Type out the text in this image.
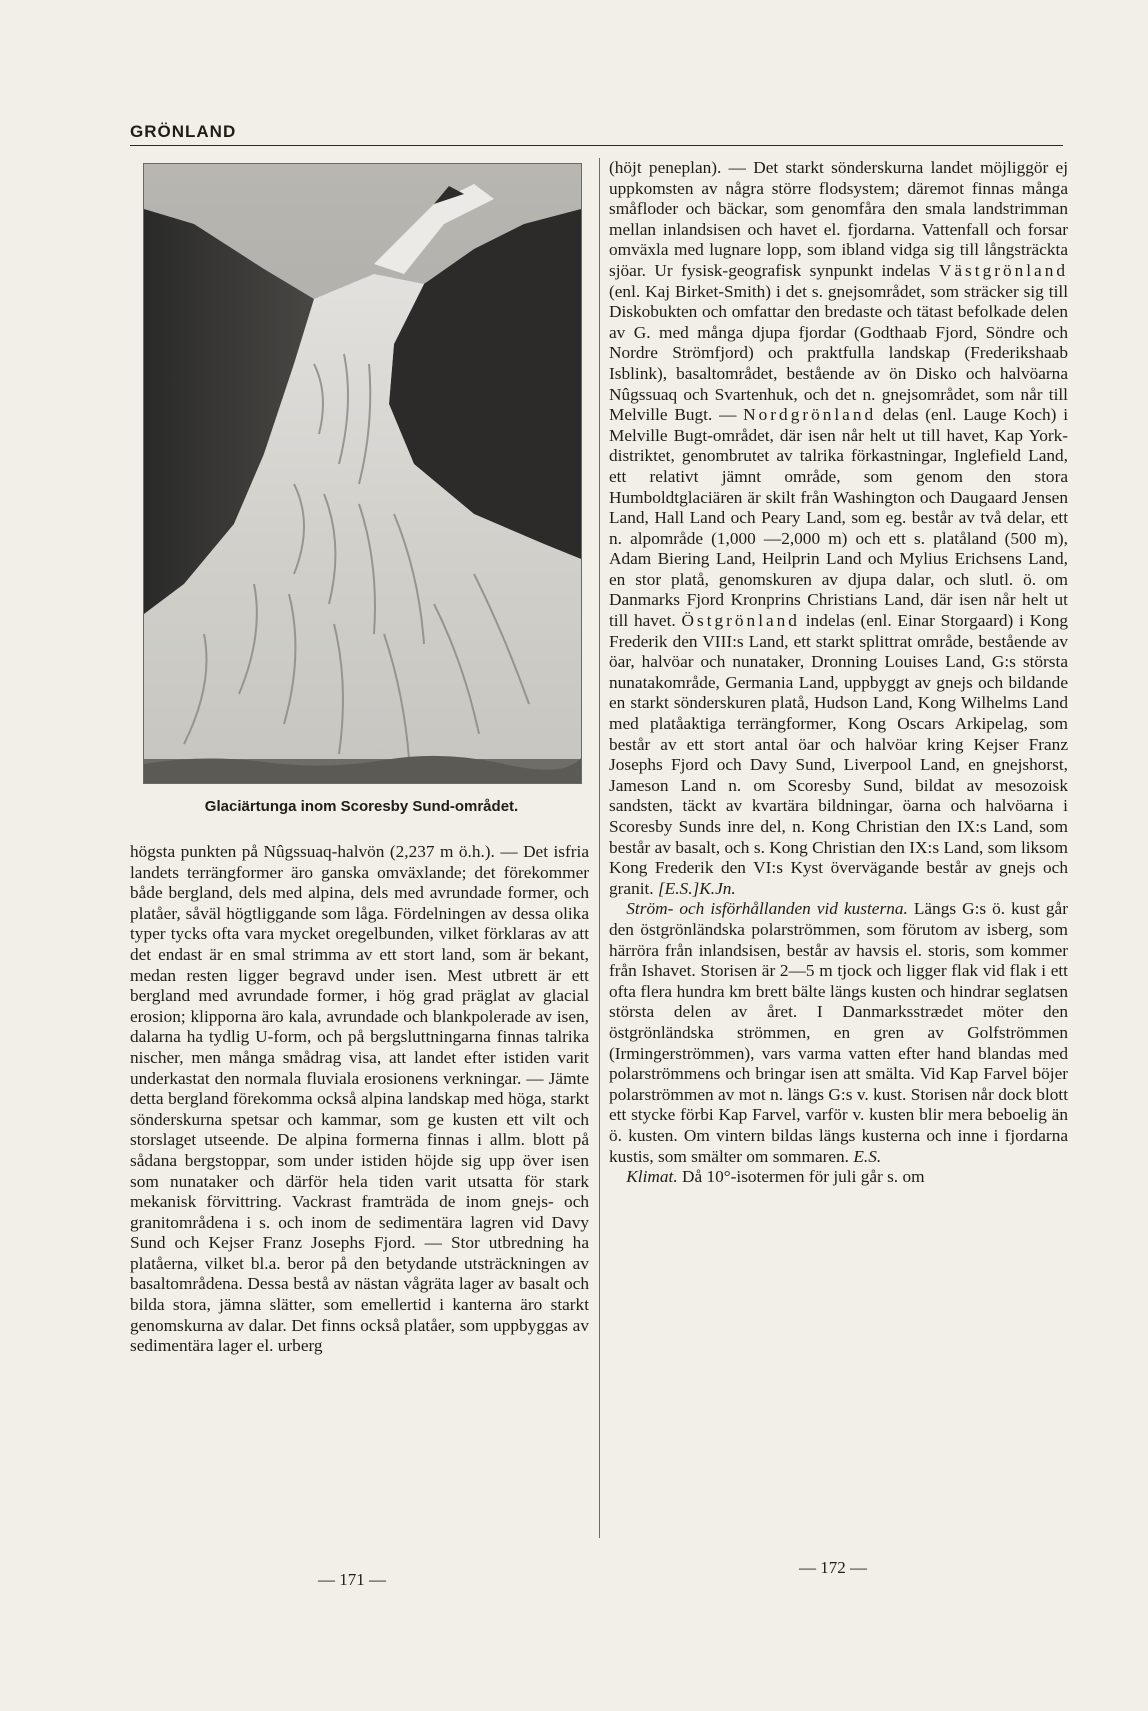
GRÖNLAND
Glaciärtunga inom Scoresby Sund-området.

högsta punkten på Nûgssuaq-halvön (2,237 m ö.h.). — Det isfria landets terrängformer äro ganska omväxlande; det förekommer både bergland, dels med alpina, dels med avrundade former, och platåer, såväl högtliggande som låga. Fördelningen av dessa olika typer tycks ofta vara mycket oregelbunden, vilket förklaras av att det endast är en smal strimma av ett stort land, som är bekant, medan resten ligger begravd under isen. Mest utbrett är ett bergland med avrundade former, i hög grad präglat av glacial erosion; klipporna äro kala, avrundade och blankpolerade av isen, dalarna ha tydlig U-form, och på bergsluttningarna finnas talrika nischer, men många smådrag visa, att landet efter istiden varit underkastat den normala fluviala erosionens verkningar. — Jämte detta bergland förekomma också alpina landskap med höga, starkt sönderskurna spetsar och kammar, som ge kusten ett vilt och storslaget utseende. De alpina formerna finnas i allm. blott på sådana bergstoppar, som under istiden höjde sig upp över isen som nunataker och därför hela tiden varit utsatta för stark mekanisk förvittring. Vackrast framträda de inom gnejs- och granitområdena i s. och inom de sedimentära lagren vid Davy Sund och Kejser Franz Josephs Fjord. — Stor utbredning ha platåerna, vilket bl.a. beror på den betydande utsträckningen av basaltområdena. Dessa bestå av nästan vågräta lager av basalt och bilda stora, jämna slätter, som emellertid i kanterna äro starkt genomskurna av dalar. Det finns också platåer, som uppbyggas av sedimentära lager el. urberg

(höjt peneplan). — Det starkt sönderskurna landet möjliggör ej uppkomsten av några större flodsystem; däremot finnas många småfloder och bäckar, som genomfåra den smala landstrimman mellan inlandsisen och havet el. fjordarna. Vattenfall och forsar omväxla med lugnare lopp, som ibland vidga sig till långsträckta sjöar. Ur fysisk-geografisk synpunkt indelas Västgrönland (enl. Kaj Birket-Smith) i det s. gnejsområdet, som sträcker sig till Diskobukten och omfattar den bredaste och tätast befolkade delen av G. med många djupa fjordar (Godthaab Fjord, Söndre och Nordre Strömfjord) och praktfulla landskap (Frederikshaab Isblink), basaltområdet, bestående av ön Disko och halvöarna Nûgssuaq och Svartenhuk, och det n. gnejsområdet, som når till Melville Bugt. — Nordgrönland delas (enl. Lauge Koch) i Melville Bugt-området, där isen når helt ut till havet, Kap York-distriktet, genombrutet av talrika förkastningar, Inglefield Land, ett relativt jämnt område, som genom den stora Humboldtglaciären är skilt från Washington och Daugaard Jensen Land, Hall Land och Peary Land, som eg. består av två delar, ett n. alpområde (1,000 —2,000 m) och ett s. platåland (500 m), Adam Biering Land, Heilprin Land och Mylius Erichsens Land, en stor platå, genomskuren av djupa dalar, och slutl. ö. om Danmarks Fjord Kronprins Christians Land, där isen når helt ut till havet. Östgrönland indelas (enl. Einar Storgaard) i Kong Frederik den VIII:s Land, ett starkt splittrat område, bestående av öar, halvöar och nunataker, Dronning Louises Land, G:s största nunatakområde, Germania Land, uppbyggt av gnejs och bildande en starkt sönderskuren platå, Hudson Land, Kong Wilhelms Land med platåaktiga terrängformer, Kong Oscars Arkipelag, som består av ett stort antal öar och halvöar kring Kejser Franz Josephs Fjord och Davy Sund, Liverpool Land, en gnejshorst, Jameson Land n. om Scoresby Sund, bildat av mesozoisk sandsten, täckt av kvartära bildningar, öarna och halvöarna i Scoresby Sunds inre del, n. Kong Christian den IX:s Land, som består av basalt, och s. Kong Christian den IX:s Land, som liksom Kong Frederik den VI:s Kyst övervägande består av gnejs och granit. [E.S.]K.Jn.

 Ström- och isförhållanden vid kusterna. Längs G:s ö. kust går den östgrönländska polarströmmen, som förutom av isberg, som härröra från inlandsisen, består av havsis el. storis, som kommer från Ishavet. Storisen är 2—5 m tjock och ligger flak vid flak i ett ofta flera hundra km brett bälte längs kusten och hindrar seglatsen största delen av året. I Danmarksstrædet möter den östgrönländska strömmen, en gren av Golfströmmen (Irmingerströmmen), vars varma vatten efter hand blandas med polarströmmens och bringar isen att smälta. Vid Kap Farvel böjer polarströmmen av mot n. längs G:s v. kust. Storisen når dock blott ett stycke förbi Kap Farvel, varför v. kusten blir mera beboelig än ö. kusten. Om vintern bildas längs kusterna och inne i fjordarna kustis, som smälter om sommaren. E.S.

 Klimat. Då 10°-isotermen för juli går s. om

— 171 —
— 172 —
